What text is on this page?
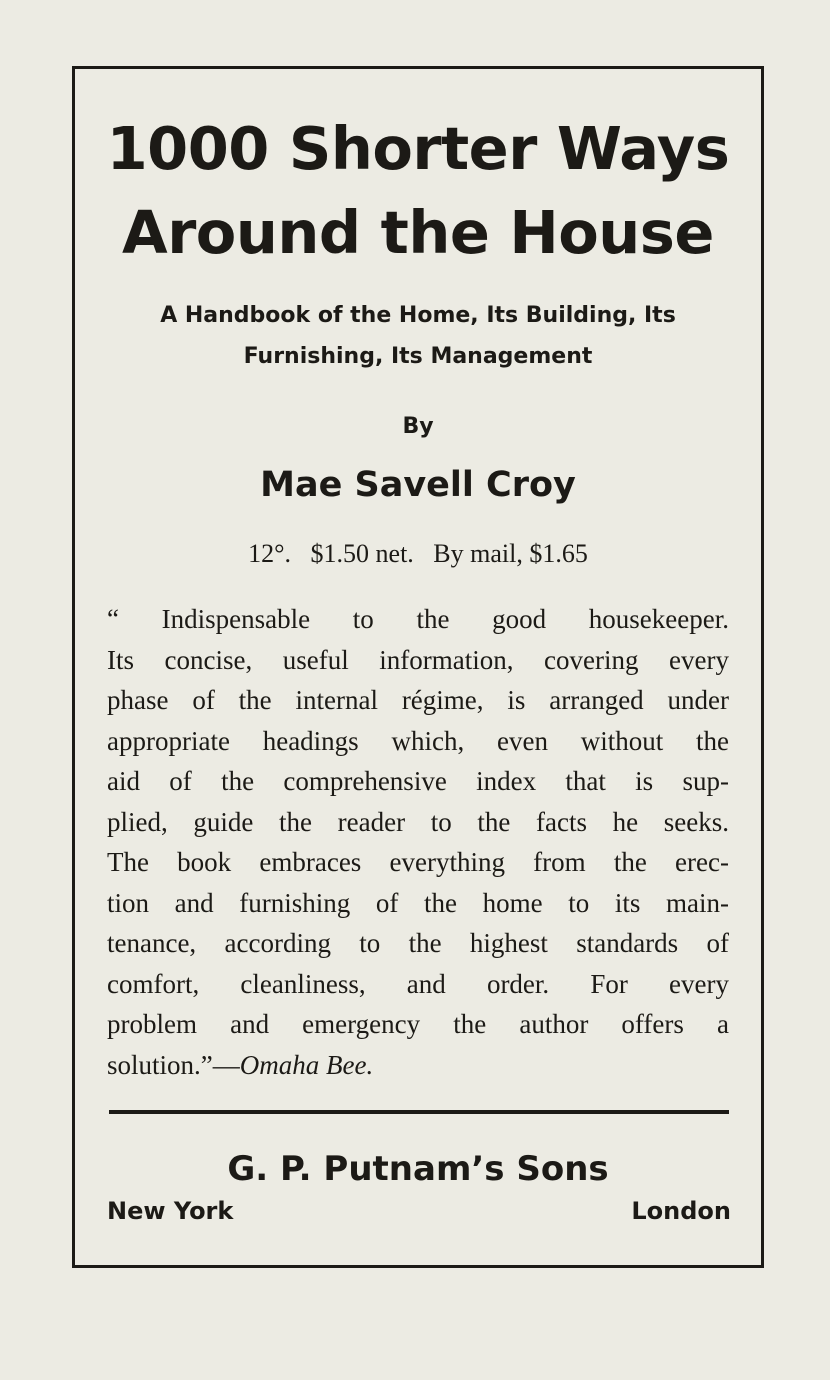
1000 Shorter Ways
Around the House
A Handbook of the Home, Its Building, Its
Furnishing, Its Management
By
Mae Savell Croy
12°.   $1.50 net.   By mail, $1.65
“ Indispensable to the good housekeeper.
Its concise, useful information, covering every
phase of the internal régime, is arranged under
appropriate headings which, even without the
aid of the comprehensive index that is sup-
plied, guide the reader to the facts he seeks.
The book embraces everything from the erec-
tion and furnishing of the home to its main-
tenance, according to the highest standards of
comfort, cleanliness, and order. For every
problem and emergency the author offers a
solution.”—Omaha Bee.
G. P. Putnam’s Sons
New York	London
